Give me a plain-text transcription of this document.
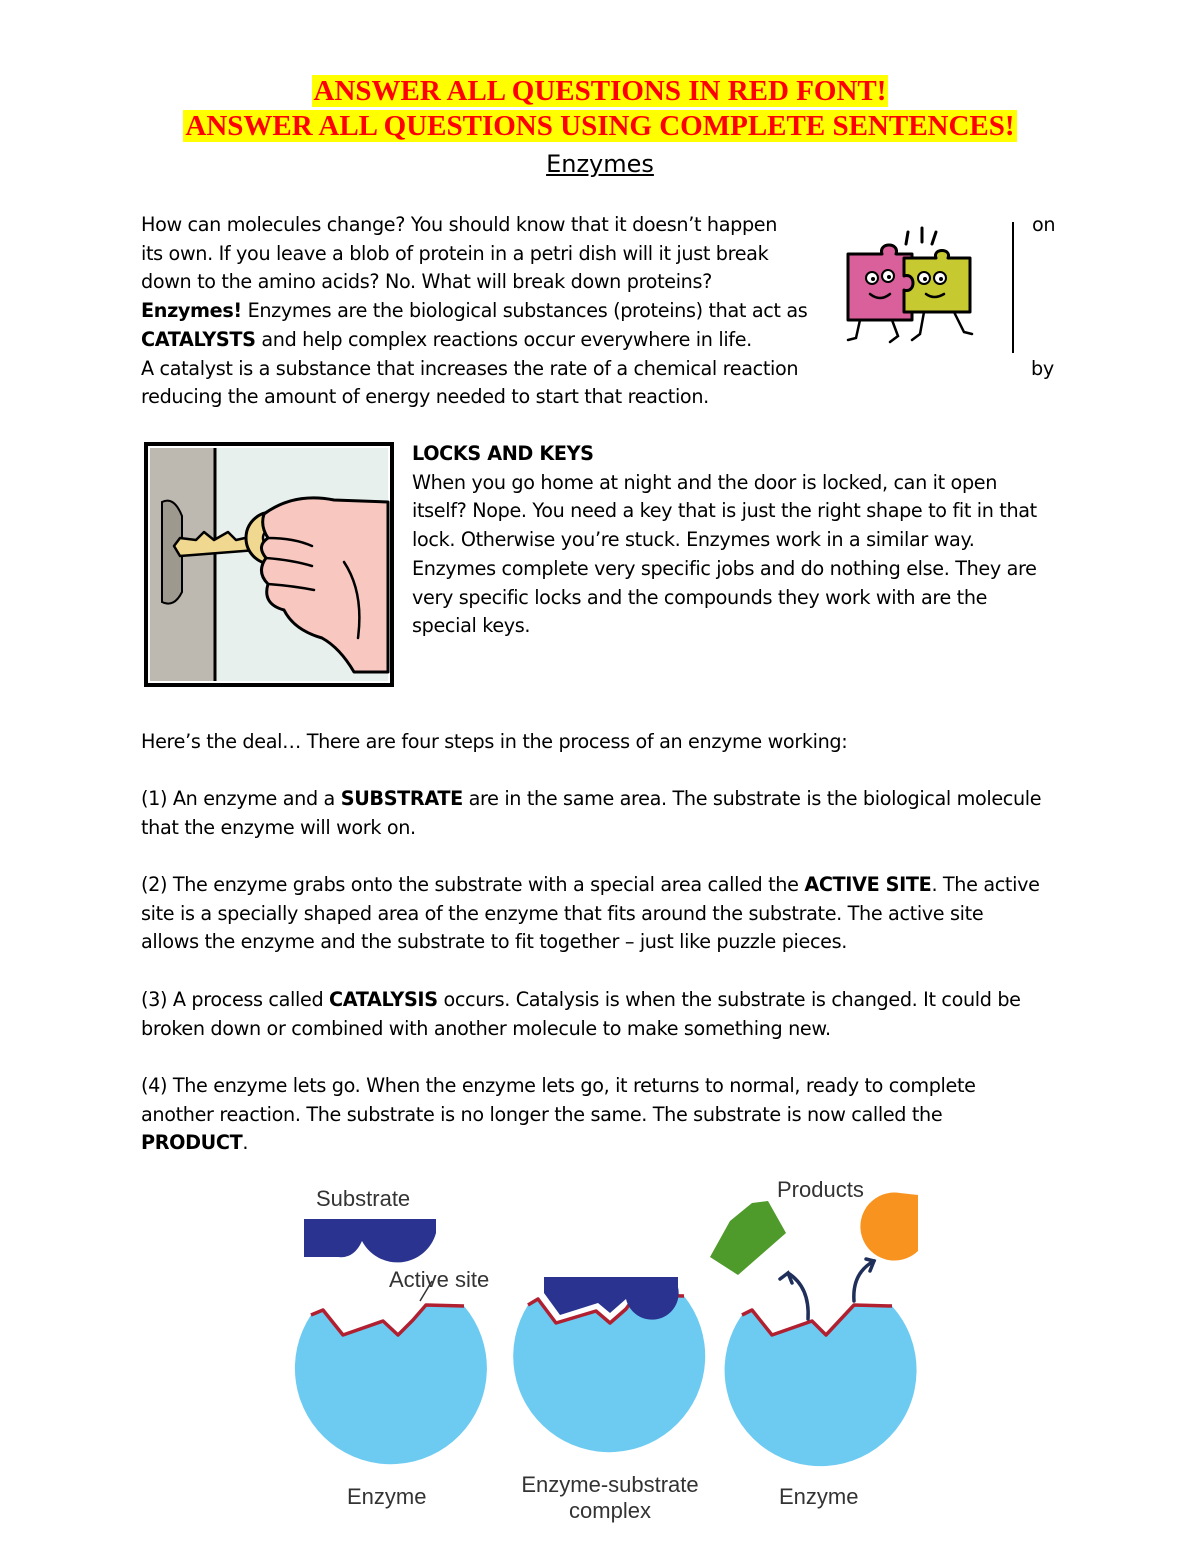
ANSWER ALL QUESTIONS IN RED FONT!
ANSWER ALL QUESTIONS USING COMPLETE SENTENCES!
Enzymes

How can molecules change? You should know that it doesn’t happen

its own. If you leave a blob of protein in a petri dish will it just break

down to the amino acids? No. What will break down proteins?

Enzymes! Enzymes are the biological substances (proteins) that act as

CATALYSTS and help complex reactions occur everywhere in life.

A catalyst is a substance that increases the rate of a chemical reaction

reducing the amount of energy needed to start that reaction.

on
by

LOCKS AND KEYS

When you go home at night and the door is locked, can it open

itself? Nope. You need a key that is just the right shape to fit in that

lock. Otherwise you’re stuck. Enzymes work in a similar way.

Enzymes complete very specific jobs and do nothing else. They are

very specific locks and the compounds they work with are the

special keys.

Here’s the deal… There are four steps in the process of an enzyme working:

(1) An enzyme and a SUBSTRATE are in the same area. The substrate is the biological molecule

that the enzyme will work on.

(2) The enzyme grabs onto the substrate with a special area called the ACTIVE SITE. The active

site is a specially shaped area of the enzyme that fits around the substrate. The active site

allows the enzyme and the substrate to fit together – just like puzzle pieces.

(3) A process called CATALYSIS occurs. Catalysis is when the substrate is changed. It could be

broken down or combined with another molecule to make something new.

(4) The enzyme lets go. When the enzyme lets go, it returns to normal, ready to complete

another reaction. The substrate is no longer the same. The substrate is now called the

PRODUCT.

Substrate
Active site
Products
Enzyme	Enzyme-substrate
complex
Enzyme
